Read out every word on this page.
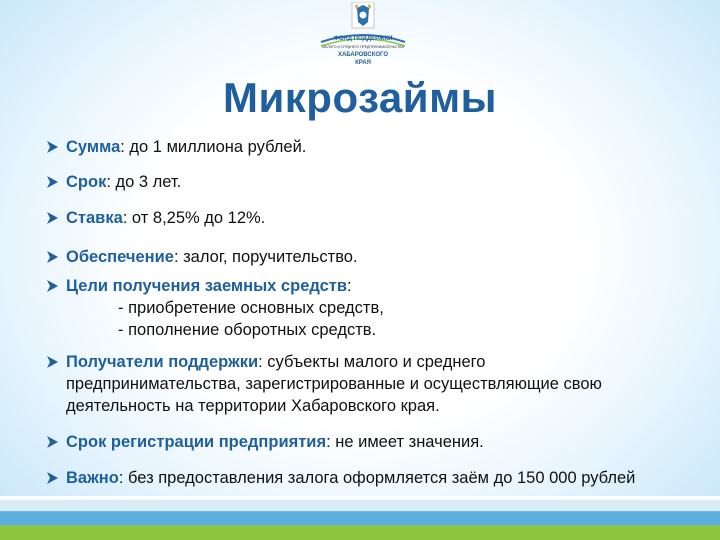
ФОНД ПОДДЕРЖКИ
МАЛОГО И СРЕДНЕГО ПРЕДПРИНИМАТЕЛЬСТВА
ХАБАРОВСКОГО
КРАЯ
Микрозаймы
Сумма: до 1 миллиона рублей.
Срок: до 3 лет.
Ставка: от 8,25% до 12%.
Обеспечение: залог, поручительство.
Цели получения заемных средств:
- приобретение основных средств,
- пополнение оборотных средств.
Получатели поддержки: субъекты малого и среднего
предпринимательства, зарегистрированные и осуществляющие свою
деятельность на территории Хабаровского края.
Срок регистрации предприятия: не имеет значения.
Важно: без предоставления залога оформляется заём до 150 000 рублей
